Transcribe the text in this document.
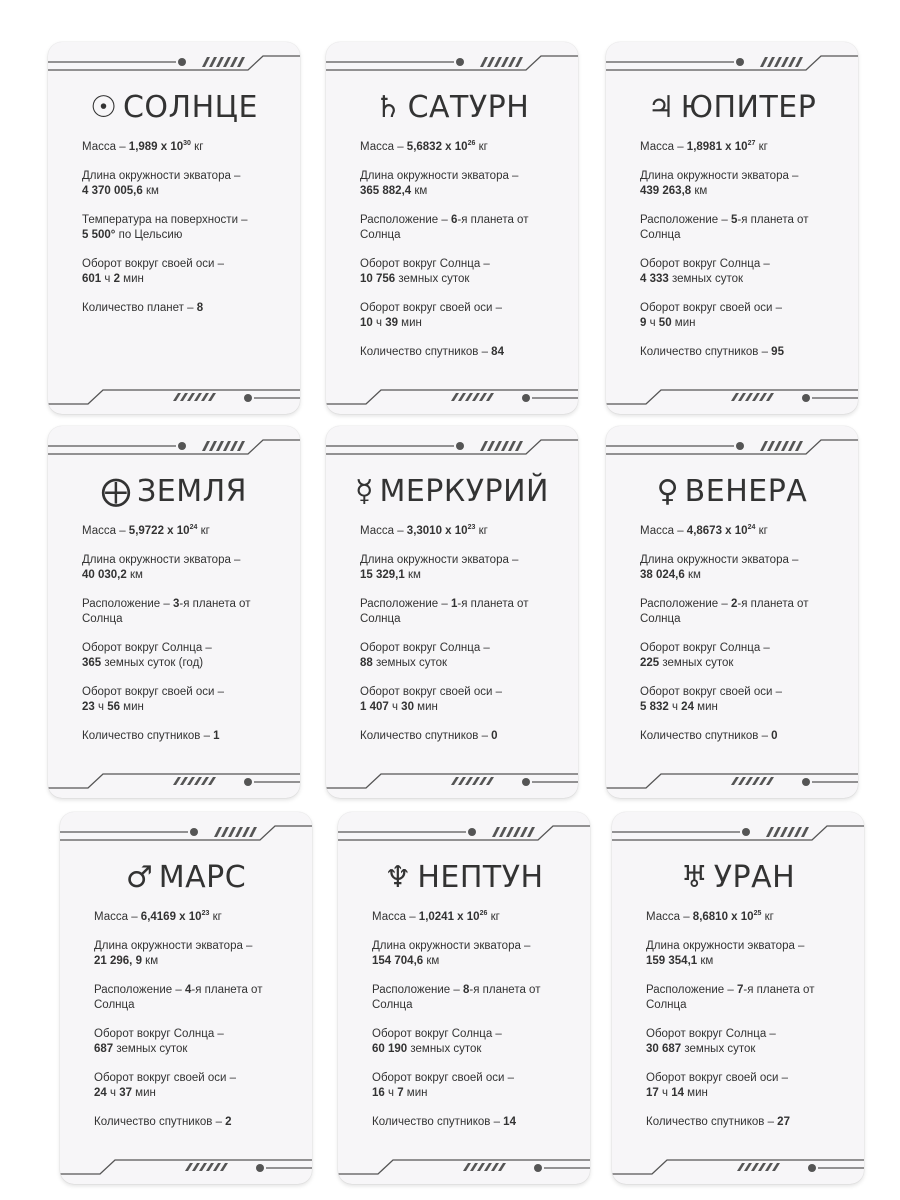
☉ СОЛНЦЕ
Масса – 1,989 x $10^{30}$ кг
Длина окружности экватора –
4 370 005,6 км
Температура на поверхности –
5 500° по Цельсию
Оборот вокруг своей оси –
601 ч 2 мин
Количество планет – 8
♄ САТУРН
Масса – 5,6832 x $10^{26}$ кг
Длина окружности экватора –
365 882,4 км
Расположение – 6-я планета от Солнца
Оборот вокруг Солнца –
10 756 земных суток
Оборот вокруг своей оси –
10 ч 39 мин
Количество спутников – 84
♃ ЮПИТЕР
Масса – 1,8981 x $10^{27}$ кг
Длина окружности экватора –
439 263,8 км
Расположение – 5-я планета от Солнца
Оборот вокруг Солнца –
4 333 земных суток
Оборот вокруг своей оси –
9 ч 50 мин
Количество спутников – 95
⨁ ЗЕМЛЯ
Масса – 5,9722 x $10^{24}$ кг
Длина окружности экватора –
40 030,2 км
Расположение – 3-я планета от Солнца
Оборот вокруг Солнца –
365 земных суток (год)
Оборот вокруг своей оси –
23 ч 56 мин
Количество спутников – 1
☿ МЕРКУРИЙ
Масса – 3,3010 x $10^{23}$ кг
Длина окружности экватора –
15 329,1 км
Расположение – 1-я планета от Солнца
Оборот вокруг Солнца –
88 земных суток
Оборот вокруг своей оси –
1 407 ч 30 мин
Количество спутников – 0
♀ ВЕНЕРА
Масса – 4,8673 x $10^{24}$ кг
Длина окружности экватора –
38 024,6 км
Расположение – 2-я планета от Солнца
Оборот вокруг Солнца –
225 земных суток
Оборот вокруг своей оси –
5 832 ч 24 мин
Количество спутников – 0
♂ МАРС
Масса – 6,4169 x $10^{23}$ кг
Длина окружности экватора –
21 296, 9 км
Расположение – 4-я планета от Солнца
Оборот вокруг Солнца –
687 земных суток
Оборот вокруг своей оси –
24 ч 37 мин
Количество спутников – 2
♆ НЕПТУН
Масса – 1,0241 x $10^{26}$ кг
Длина окружности экватора –
154 704,6 км
Расположение – 8-я планета от Солнца
Оборот вокруг Солнца –
60 190 земных суток
Оборот вокруг своей оси –
16 ч 7 мин
Количество спутников – 14
♅ УРАН
Масса – 8,6810 x $10^{25}$ кг
Длина окружности экватора –
159 354,1 км
Расположение – 7-я планета от Солнца
Оборот вокруг Солнца –
30 687 земных суток
Оборот вокруг своей оси –
17 ч 14 мин
Количество спутников – 27
